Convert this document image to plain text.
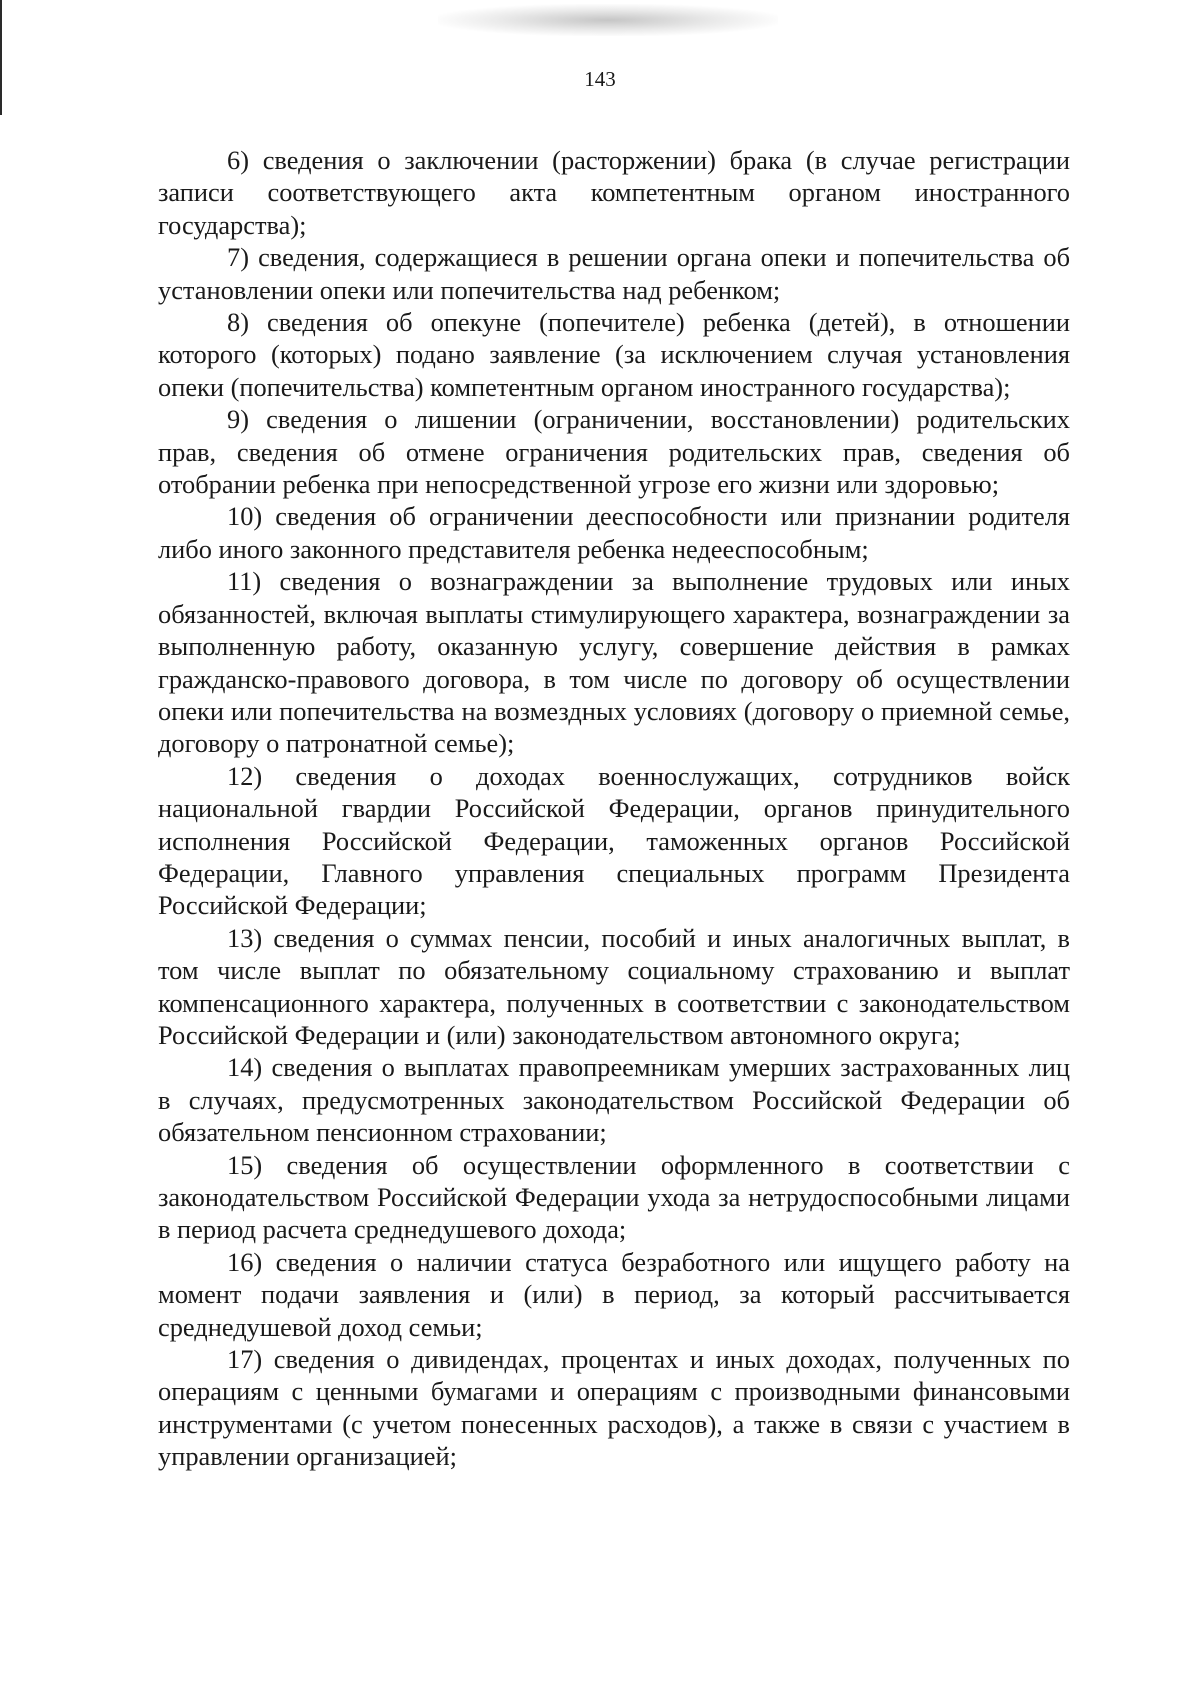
143

6) сведения о заключении (расторжении) брака (в случае регистрации записи соответствующего акта компетентным органом иностранного государства);

7) сведения, содержащиеся в решении органа опеки и попечительства об установлении опеки или попечительства над ребенком;

8) сведения об опекуне (попечителе) ребенка (детей), в отношении которого (которых) подано заявление (за исключением случая установления опеки (попечительства) компетентным органом иностранного государства);

9) сведения о лишении (ограничении, восстановлении) родительских прав, сведения об отмене ограничения родительских прав, сведения об отобрании ребенка при непосредственной угрозе его жизни или здоровью;

10) сведения об ограничении дееспособности или признании родителя либо иного законного представителя ребенка недееспособным;

11) сведения о вознаграждении за выполнение трудовых или иных обязанностей, включая выплаты стимулирующего характера, вознаграждении за выполненную работу, оказанную услугу, совершение действия в рамках гражданско-правового договора, в том числе по договору об осуществлении опеки или попечительства на возмездных условиях (договору о приемной семье, договору о патронатной семье);

12) сведения о доходах военнослужащих, сотрудников войск национальной гвардии Российской Федерации, органов принудительного исполнения Российской Федерации, таможенных органов Российской Федерации, Главного управления специальных программ Президента Российской Федерации;

13) сведения о суммах пенсии, пособий и иных аналогичных выплат, в том числе выплат по обязательному социальному страхованию и выплат компенсационного характера, полученных в соответствии с законодательством Российской Федерации и (или) законодательством автономного округа;

14) сведения о выплатах правопреемникам умерших застрахованных лиц в случаях, предусмотренных законодательством Российской Федерации об обязательном пенсионном страховании;

15) сведения об осуществлении оформленного в соответствии с законодательством Российской Федерации ухода за нетрудоспособными лицами в период расчета среднедушевого дохода;

16) сведения о наличии статуса безработного или ищущего работу на момент подачи заявления и (или) в период, за который рассчитывается среднедушевой доход семьи;

17) сведения о дивидендах, процентах и иных доходах, полученных по операциям с ценными бумагами и операциям с производными финансовыми инструментами (с учетом понесенных расходов), а также в связи с участием в управлении организацией;
